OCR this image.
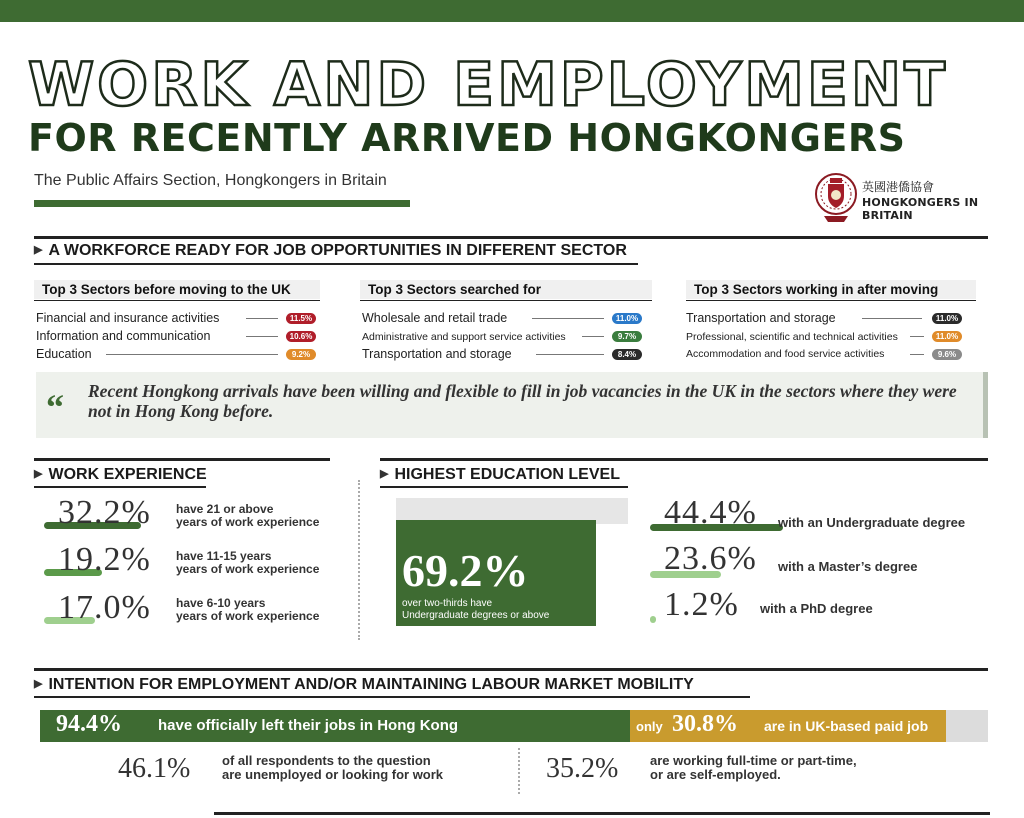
WORK AND EMPLOYMENT
FOR RECENTLY ARRIVED HONGKONGERS
The Public Affairs Section, Hongkongers in Britain	英國港僑協會
HONGKONGERS IN BRITAIN
▶ A WORKFORCE READY FOR JOB OPPORTUNITIES IN DIFFERENT SECTOR
Top 3 Sectors before moving to the UK
Financial and insurance activities	11.5%
Information and communication	10.6%
Education	9.2%
Top 3 Sectors searched for
Wholesale and retail trade	11.0%
Administrative and support service activities	9.7%
Transportation and storage	8.4%
Top 3 Sectors working in after moving
Transportation and storage	11.0%
Professional, scientific and technical activities	11.0%
Accommodation and food service activities	9.6%
“ Recent Hongkong arrivals have been willing and flexible to fill in job vacancies in the UK in the sectors where they were not in Hong Kong before.
▶ WORK EXPERIENCE
32.2% have 21 or above
years of work experience
19.2% have 11-15 years
years of work experience
17.0% have 6-10 years
years of work experience
▶ HIGHEST EDUCATION LEVEL
69.2%
over two-thirds have
Undergraduate degrees or above
44.4% with an Undergraduate degree
23.6% with a Master’s degree
1.2% with a PhD degree
▶ INTENTION FOR EMPLOYMENT AND/OR MAINTAINING LABOUR MARKET MOBILITY
94.4% have officially left their jobs in Hong Kong	only 30.8% are in UK-based paid job
46.1% of all respondents to the question
are unemployed or looking for work	35.2% are working full-time or part-time,
or are self-employed.
